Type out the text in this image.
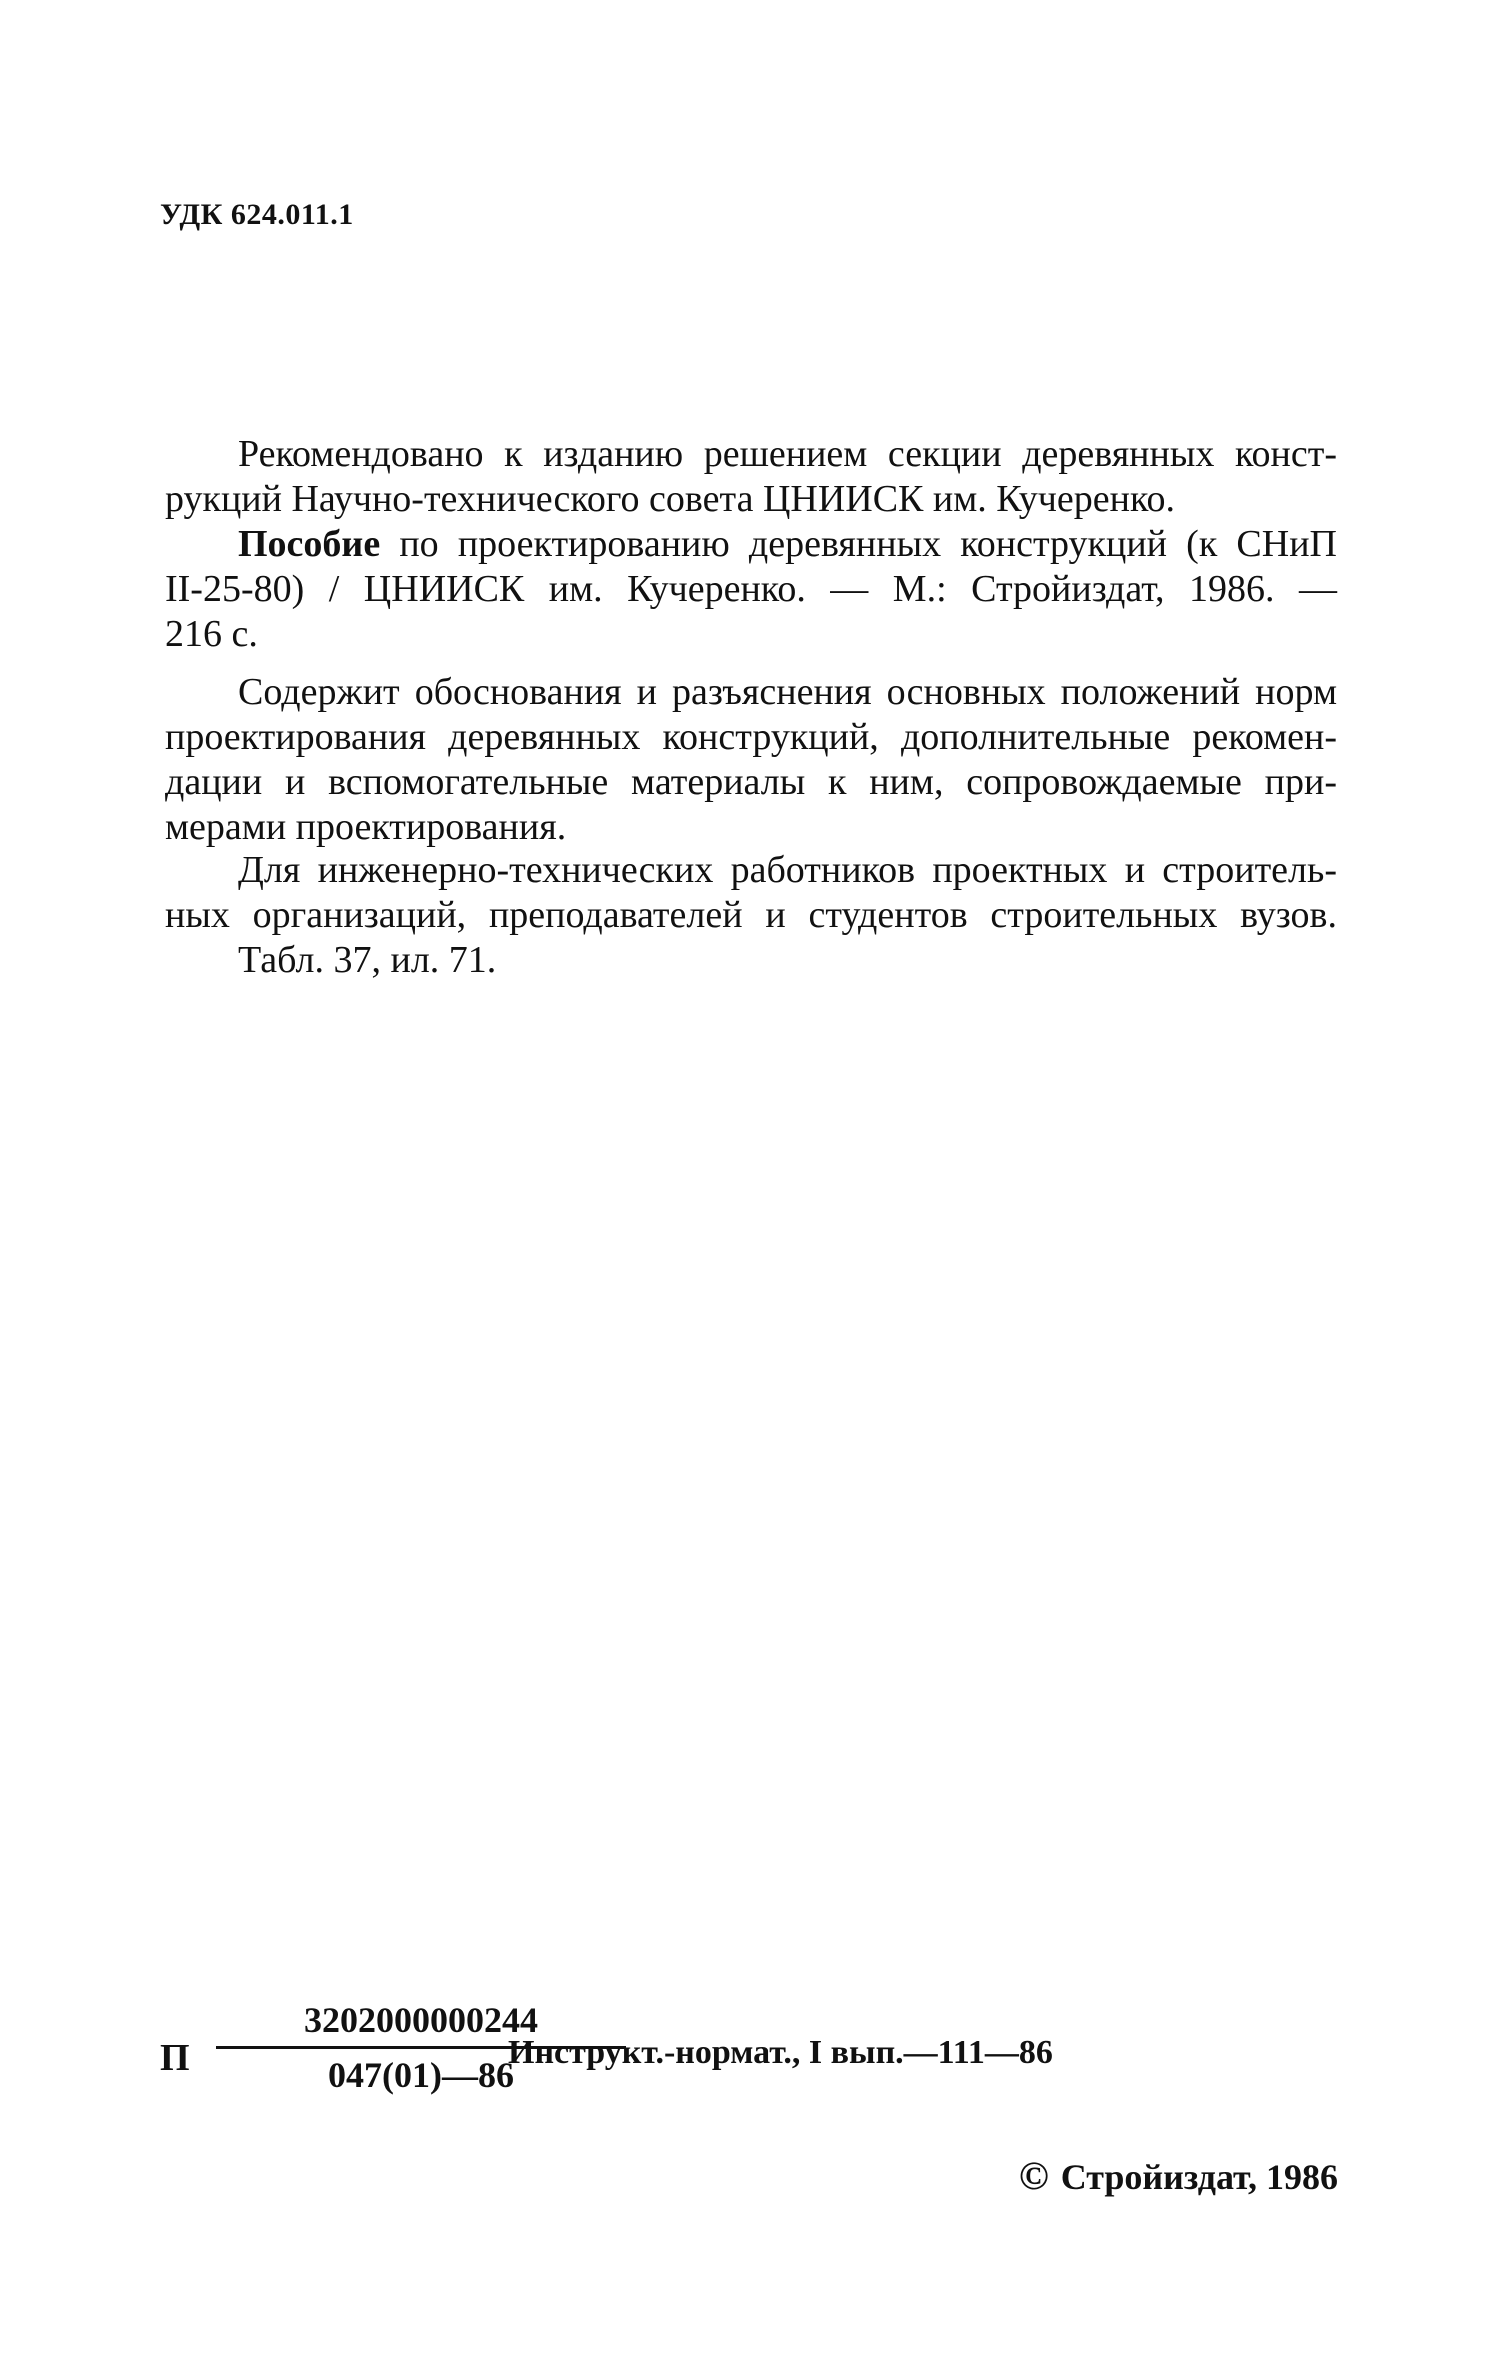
УДК 624.011.1
Рекомендовано к изданию решением секции деревянных конст-
рукций Научно-технического совета ЦНИИСК им. Кучеренко.
Пособие по проектированию деревянных конструкций (к СНиП
II-25-80) / ЦНИИСК им. Кучеренко. — М.: Стройиздат, 1986. —
216 с.
Содержит обоснования и разъяснения основных положений норм
проектирования деревянных конструкций, дополнительные рекомен-
дации и вспомогательные материалы к ним, сопровождаемые при-
мерами проектирования.
Для инженерно-технических работников проектных и строитель-
ных организаций, преподавателей и студентов строительных вузов.
Табл. 37, ил. 71.
П
3202000000244
047(01)—86
Инструкт.-нормат., I вып.—111—86
© Стройиздат, 1986
